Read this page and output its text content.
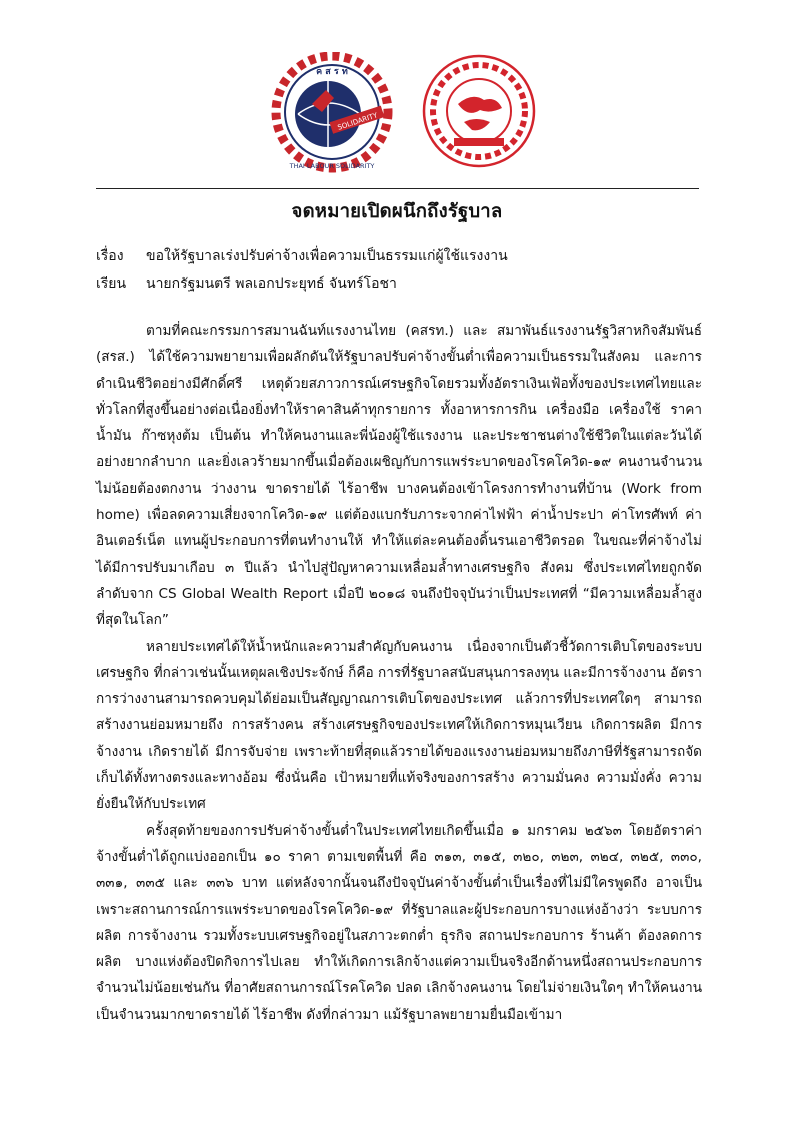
SOLIDARITY
ค ส ร ท
THAI LABOUR SOLIDARITY
จดหมายเปิดผนึกถึงรัฐบาล
เรื่อง ขอให้รัฐบาลเร่งปรับค่าจ้างเพื่อความเป็นธรรมแก่ผู้ใช้แรงงาน
เรียน นายกรัฐมนตรี พลเอกประยุทธ์ จันทร์โอชา

ตามที่คณะกรรมการสมานฉันท์แรงงานไทย (คสรท.) และ สมาพันธ์แรงงานรัฐวิสาหกิจสัมพันธ์ (สรส.) ได้ใช้ความพยายามเพื่อผลักดันให้รัฐบาลปรับค่าจ้างขั้นต่ำเพื่อความเป็นธรรมในสังคม และการดำเนินชีวิตอย่างมีศักดิ์ศรี เหตุด้วยสภาวการณ์เศรษฐกิจโดยรวมทั้งอัตราเงินเฟ้อทั้งของประเทศไทยและทั่วโลกที่สูงขึ้นอย่างต่อเนื่องยิ่งทำให้ราคาสินค้าทุกรายการ ทั้งอาหารการกิน เครื่องมือ เครื่องใช้ ราคาน้ำมัน ก๊าซหุงต้ม เป็นต้น ทำให้คนงานและพี่น้องผู้ใช้แรงงาน และประชาชนต่างใช้ชีวิตในแต่ละวันได้อย่างยากลำบาก และยิ่งเลวร้ายมากขึ้นเมื่อต้องเผชิญกับการแพร่ระบาดของโรคโควิด-๑๙ คนงานจำนวนไม่น้อยต้องตกงาน ว่างงาน ขาดรายได้ ไร้อาชีพ บางคนต้องเข้าโครงการทำงานที่บ้าน (Work from home) เพื่อลดความเสี่ยงจากโควิด-๑๙ แต่ต้องแบกรับภาระจากค่าไฟฟ้า ค่าน้ำประปา ค่าโทรศัพท์ ค่าอินเตอร์เน็ต แทนผู้ประกอบการที่ตนทำงานให้ ทำให้แต่ละคนต้องดิ้นรนเอาชีวิตรอด ในขณะที่ค่าจ้างไม่ได้มีการปรับมาเกือบ ๓ ปีแล้ว นำไปสู่ปัญหาความเหลื่อมล้ำทางเศรษฐกิจ สังคม ซึ่งประเทศไทยถูกจัดลำดับจาก CS Global Wealth Report เมื่อปี ๒๐๑๘ จนถึงปัจจุบันว่าเป็นประเทศที่ “มีความเหลื่อมล้ำสูงที่สุดในโลก”

หลายประเทศได้ให้น้ำหนักและความสำคัญกับคนงาน เนื่องจากเป็นตัวชี้วัดการเติบโตของระบบเศรษฐกิจ ที่กล่าวเช่นนั้นเหตุผลเชิงประจักษ์ ก็คือ การที่รัฐบาลสนับสนุนการลงทุน และมีการจ้างงาน อัตราการว่างงานสามารถควบคุมได้ย่อมเป็นสัญญาณการเติบโตของประเทศ แล้วการที่ประเทศใดๆ สามารถสร้างงานย่อมหมายถึง การสร้างคน สร้างเศรษฐกิจของประเทศให้เกิดการหมุนเวียน เกิดการผลิต มีการจ้างงาน เกิดรายได้ มีการจับจ่าย เพราะท้ายที่สุดแล้วรายได้ของแรงงานย่อมหมายถึงภาษีที่รัฐสามารถจัดเก็บได้ทั้งทางตรงและทางอ้อม ซึ่งนั่นคือ เป้าหมายที่แท้จริงของการสร้าง ความมั่นคง ความมั่งคั่ง ความยั่งยืนให้กับประเทศ

ครั้งสุดท้ายของการปรับค่าจ้างขั้นต่ำในประเทศไทยเกิดขึ้นเมื่อ ๑ มกราคม ๒๕๖๓ โดยอัตราค่าจ้างขั้นต่ำได้ถูกแบ่งออกเป็น ๑๐ ราคา ตามเขตพื้นที่ คือ ๓๑๓, ๓๑๕, ๓๒๐, ๓๒๓, ๓๒๔, ๓๒๕, ๓๓๐, ๓๓๑, ๓๓๕ และ ๓๓๖ บาท แต่หลังจากนั้นจนถึงปัจจุบันค่าจ้างขั้นต่ำเป็นเรื่องที่ไม่มีใครพูดถึง อาจเป็นเพราะสถานการณ์การแพร่ระบาดของโรคโควิด-๑๙ ที่รัฐบาลและผู้ประกอบการบางแห่งอ้างว่า ระบบการผลิต การจ้างงาน รวมทั้งระบบเศรษฐกิจอยู่ในสภาวะตกต่ำ ธุรกิจ สถานประกอบการ ร้านค้า ต้องลดการผลิต บางแห่งต้องปิดกิจการไปเลย ทำให้เกิดการเลิกจ้างแต่ความเป็นจริงอีกด้านหนึ่งสถานประกอบการจำนวนไม่น้อยเช่นกัน ที่อาศัยสถานการณ์โรคโควิด ปลด เลิกจ้างคนงาน โดยไม่จ่ายเงินใดๆ ทำให้คนงานเป็นจำนวนมากขาดรายได้ ไร้อาชีพ ดังที่กล่าวมา แม้รัฐบาลพยายามยื่นมือเข้ามา
